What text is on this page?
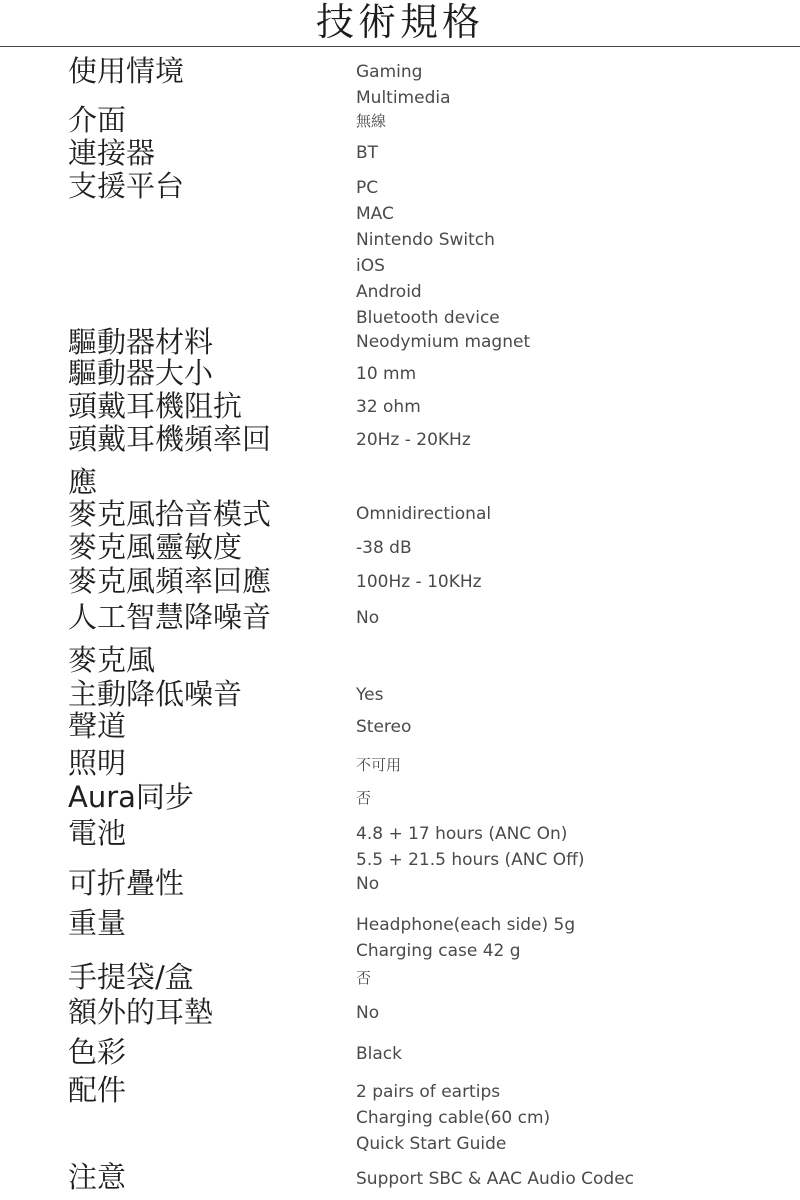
技術規格
使用情境
介面
連接器
支援平台
驅動器材料
驅動器大小
頭戴耳機阻抗
頭戴耳機頻率回
應
麥克風拾音模式
麥克風靈敏度
麥克風頻率回應
人工智慧降噪音
麥克風
主動降低噪音
聲道
照明
Aura同步
電池
可折疊性
重量
手提袋/盒
額外的耳墊
色彩
配件
注意
Gaming
Multimedia
無線
BT
PC
MAC
Nintendo Switch
iOS
Android
Bluetooth device
Neodymium magnet
10 mm
32 ohm
20Hz - 20KHz
Omnidirectional
-38 dB
100Hz - 10KHz
No
Yes
Stereo
不可用
否
4.8 + 17 hours (ANC On)
5.5 + 21.5 hours (ANC Off)
No
Headphone(each side) 5g
Charging case 42 g
否
No
Black
2 pairs of eartips
Charging cable(60 cm)
Quick Start Guide
Support SBC & AAC Audio Codec
